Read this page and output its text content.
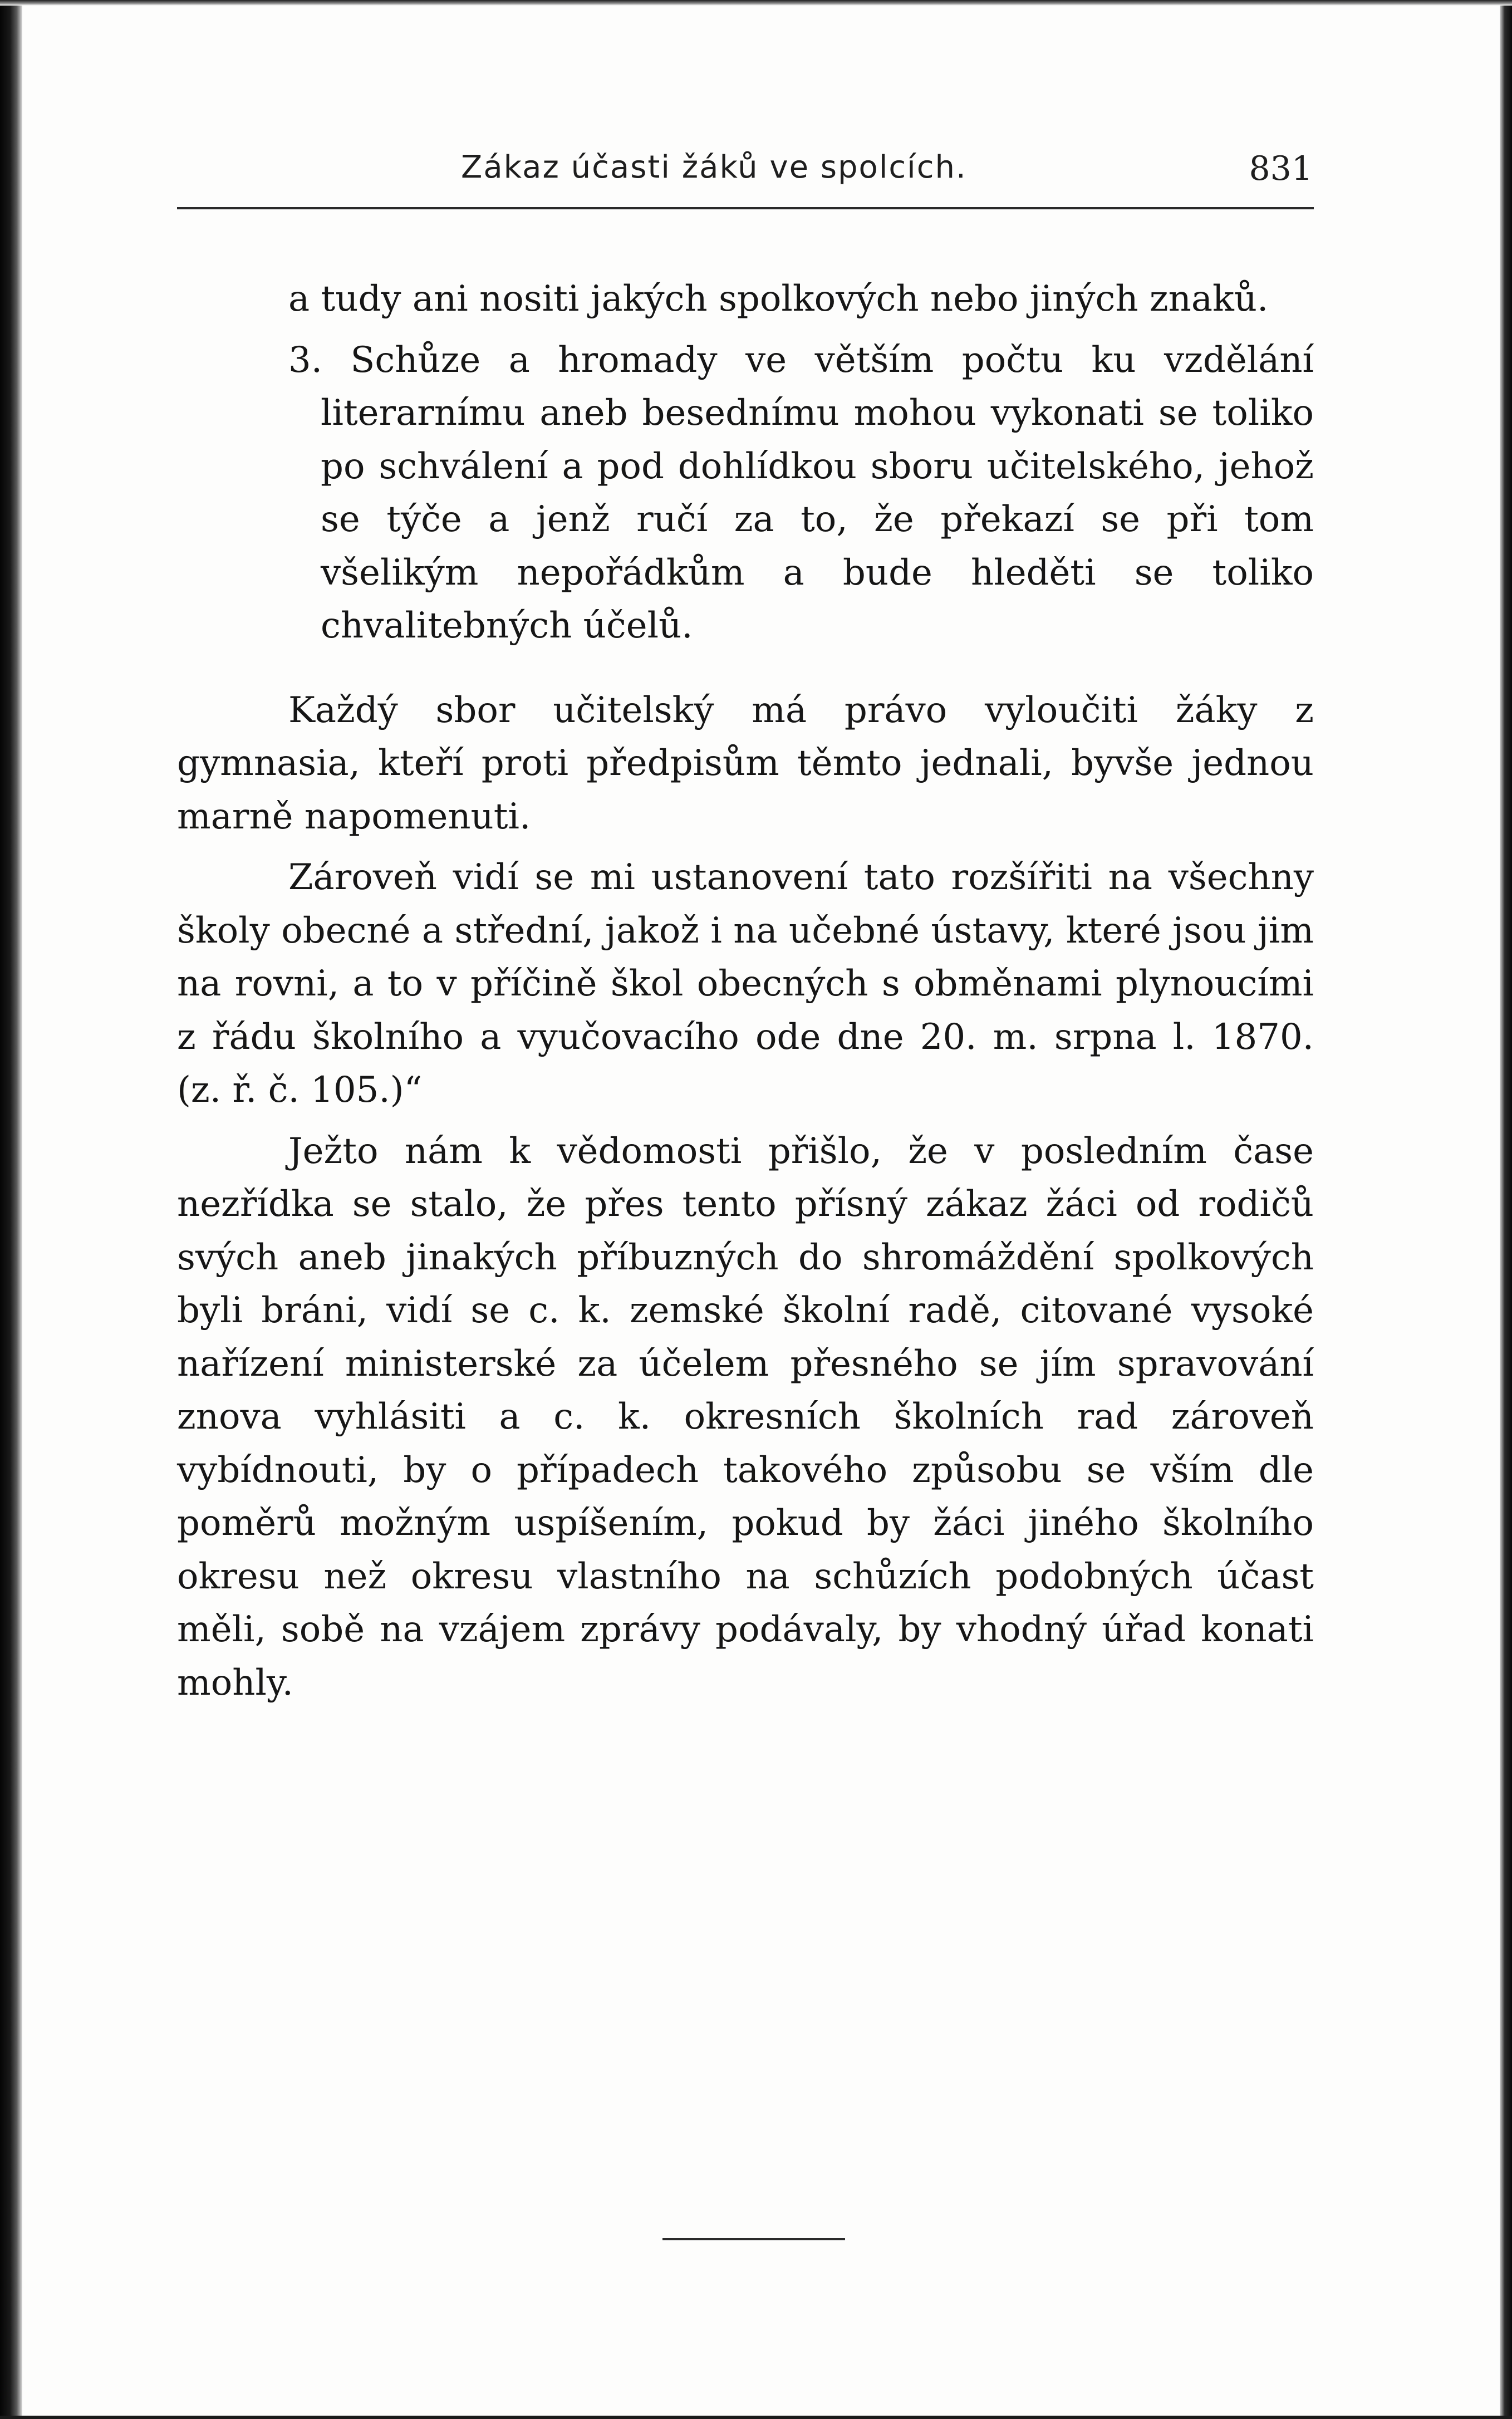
Zákaz účasti žáků ve spolcích.	831

a tudy ani nositi jakých spolkových nebo jiných znaků.

3. Schůze a hromady ve větším počtu ku vzdělání literarnímu aneb besednímu mohou vykonati se toliko po schválení a pod dohlídkou sboru učitelského, jehož se týče a jenž ručí za to, že překazí se při tom všelikým nepořádkům a bude hleděti se toliko chvalitebných účelů.

Každý sbor učitelský má právo vyloučiti žáky z gymnasia, kteří proti předpisům těmto jednali, byvše jednou marně napomenuti.

Zároveň vidí se mi ustanovení tato rozšířiti na všechny školy obecné a střední, jakož i na učebné ústavy, které jsou jim na rovni, a to v příčině škol obecných s obměnami plynoucími z řádu školního a vyučovacího ode dne 20. m. srpna l. 1870. (z. ř. č. 105.)“

Ježto nám k vědomosti přišlo, že v posledním čase nezřídka se stalo, že přes tento přísný zákaz žáci od rodičů svých aneb jinakých příbuzných do shromáždění spolkových byli bráni, vidí se c. k. zemské školní radě, citované vysoké nařízení ministerské za účelem přesného se jím spravování znova vyhlásiti a c. k. okresních školních rad zároveň vybídnouti, by o případech takového způsobu se vším dle poměrů možným uspíšením, pokud by žáci jiného školního okresu než okresu vlastního na schůzích podobných účast měli, sobě na vzájem zprávy podávaly, by vhodný úřad konati mohly.
